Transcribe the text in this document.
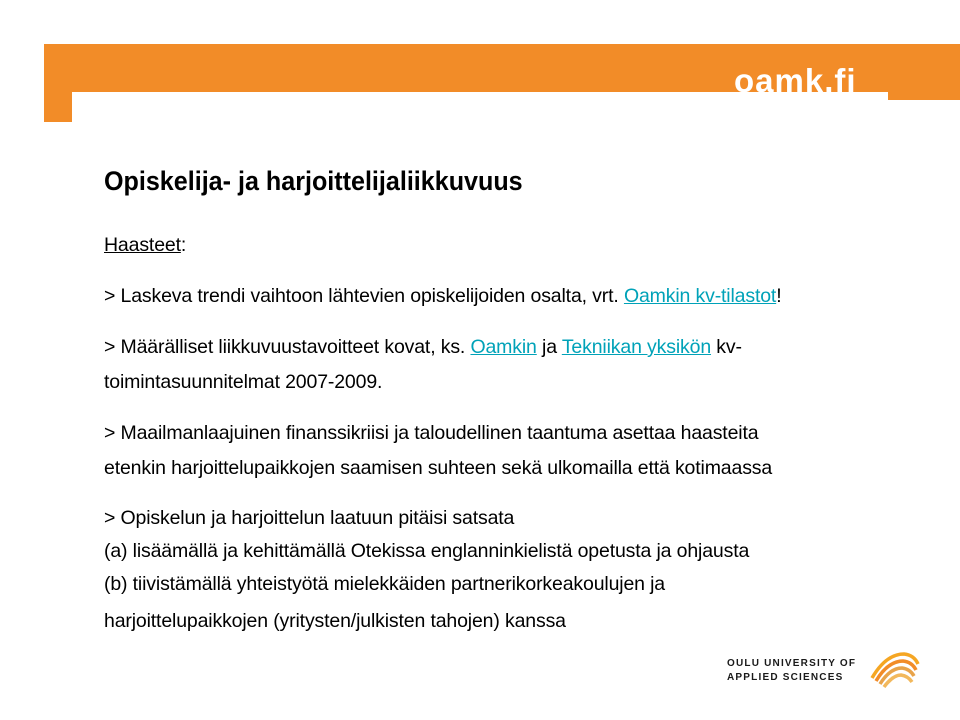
oamk.fi
Opiskelija- ja harjoittelijaliikkuvuus

Haasteet:

> Laskeva trendi vaihtoon lähtevien opiskelijoiden osalta, vrt. Oamkin kv-tilastot!

> Määrälliset liikkuvuustavoitteet kovat, ks. Oamkin ja Tekniikan yksikön kv-

toimintasuunnitelmat 2007-2009.

> Maailmanlaajuinen finanssikriisi ja taloudellinen taantuma asettaa haasteita

etenkin harjoittelupaikkojen saamisen suhteen sekä ulkomailla että kotimaassa

> Opiskelun ja harjoittelun laatuun pitäisi satsata

(a) lisäämällä ja kehittämällä Otekissa englanninkielistä opetusta ja ohjausta

(b) tiivistämällä yhteistyötä mielekkäiden partnerikorkeakoulujen ja

harjoittelupaikkojen (yritysten/julkisten tahojen) kanssa

OULU UNIVERSITY OF
APPLIED SCIENCES
